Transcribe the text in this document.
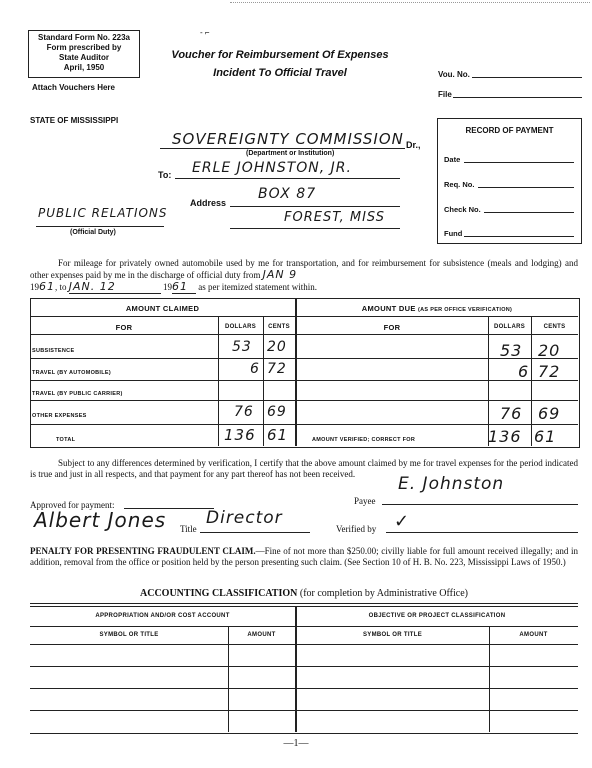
Standard Form No. 223a
Form prescribed by
State Auditor
April, 1950
Attach Vouchers Here
Voucher for Reimbursement Of Expenses
Incident To Official Travel
- ⌐
Vou. No.
File
STATE OF MISSISSIPPI
SOVEREIGNTY COMMISSION Dr.,
(Department or Institution)
To: ERLE JOHNSTON, JR.
Address
BOX 87
FOREST, MISS
PUBLIC RELATIONS
(Official Duty)
RECORD OF PAYMENT
Date
Req. No.
Check No.
Fund
For mileage for privately owned automobile used by me for transportation, and for reimbursement for subsistence (meals and lodging) and other expenses paid by me in the discharge of official duty from JAN 9
1961, to JAN. 12	1961 as per itemized statement within.
AMOUNT CLAIMED	AMOUNT DUE (AS PER OFFICE VERIFICATION)
FOR	DOLLARS	CENTS	FOR	DOLLARS	CENTS
SUBSISTENCE	53 20	53 20
TRAVEL (BY AUTOMOBILE)	6 72	6 72
TRAVEL (BY PUBLIC CARRIER)
OTHER EXPENSES	76 69	76 69
TOTAL	136 61	AMOUNT VERIFIED; CORRECT FOR	136 61
Subject to any differences determined by verification, I certify that the above amount claimed by me for travel expenses for the period indicated is true and just in all respects, and that payment for any part thereof has not been received.
Approved for payment:	Payee
E. Johnston
Albert Jones Title
Director
Verified by ✓
PENALTY FOR PRESENTING FRAUDULENT CLAIM.—Fine of not more than $250.00; civilly liable for full amount received illegally; and in addition, removal from the office or position held by the person presenting such claim. (See Section 10 of H. B. No. 223, Mississippi Laws of 1950.)
ACCOUNTING CLASSIFICATION (for completion by Administrative Office)
APPROPRIATION AND/OR COST ACCOUNT	OBJECTIVE OR PROJECT CLASSIFICATION
SYMBOL OR TITLE	AMOUNT	SYMBOL OR TITLE	AMOUNT
—1—
